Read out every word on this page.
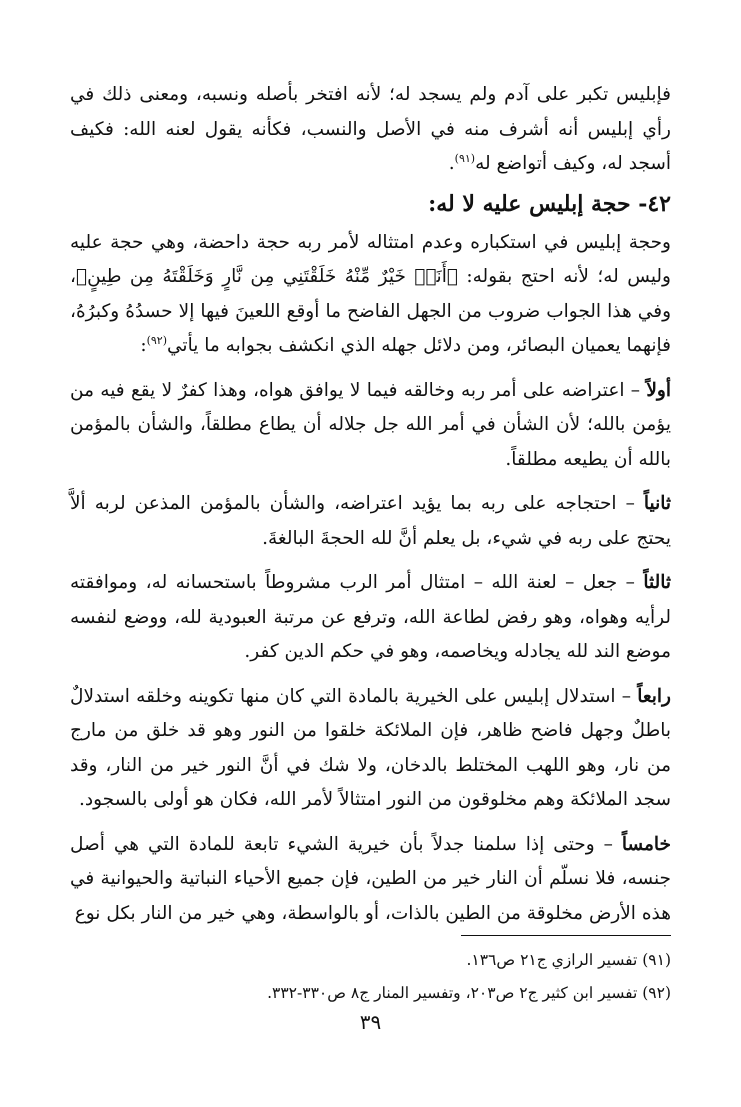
فإبليس تكبر على آدم ولم يسجد له؛ لأنه افتخر بأصله ونسبه، ومعنى ذلك في رأي إبليس أنه أشرف منه في الأصل والنسب، فكأنه يقول لعنه الله: فكيف أسجد له، وكيف أتواضع له$^{(٩١)}$.

٤٢- حجة إبليس عليه لا له:

وحجة إبليس في استكباره وعدم امتثاله لأمر ربه حجة داحضة، وهي حجة عليه وليس له؛ لأنه احتج بقوله: ﴿أَنَا۠ خَيْرٌ مِّنْهُ خَلَقْتَنِي مِن نَّارٍ وَخَلَقْتَهُ مِن طِينٍ﴾، وفي هذا الجواب ضروب من الجهل الفاضح ما أوقع اللعينَ فيها إلا حسدُهُ وكبرُهُ، فإنهما يعميان البصائر، ومن دلائل جهله الذي انكشف بجوابه ما يأتي$^{(٩٢)}$:

أولاً – اعتراضه على أمر ربه وخالقه فيما لا يوافق هواه، وهذا كفرٌ لا يقع فيه من يؤمن بالله؛ لأن الشأن في أمر الله جل جلاله أن يطاع مطلقاً، والشأن بالمؤمن بالله أن يطيعه مطلقاً.

ثانياً – احتجاجه على ربه بما يؤيد اعتراضه، والشأن بالمؤمن المذعن لربه ألاَّ يحتج على ربه في شيء، بل يعلم أنَّ لله الحجةَ البالغةَ.

ثالثاً – جعل – لعنة الله – امتثال أمر الرب مشروطاً باستحسانه له، وموافقته لرأيه وهواه، وهو رفض لطاعة الله، وترفع عن مرتبة العبودية لله، ووضع لنفسه موضع الند لله يجادله ويخاصمه، وهو في حكم الدين كفر.

رابعاً – استدلال إبليس على الخيرية بالمادة التي كان منها تكوينه وخلقه استدلالٌ باطلٌ وجهل فاضح ظاهر، فإن الملائكة خلقوا من النور وهو قد خلق من مارج من نار، وهو اللهب المختلط بالدخان، ولا شك في أنَّ النور خير من النار، وقد سجد الملائكة وهم مخلوقون من النور امتثالاً لأمر الله، فكان هو أولى بالسجود.

خامساً – وحتى إذا سلمنا جدلاً بأن خيرية الشيء تابعة للمادة التي هي أصل جنسه، فلا نسلّم أن النار خير من الطين، فإن جميع الأحياء النباتية والحيوانية في هذه الأرض مخلوقة من الطين بالذات، أو بالواسطة، وهي خير من النار بكل نوع

(٩١) تفسير الرازي ج٢١ ص١٣٦.

(٩٢) تفسير ابن كثير ج٢ ص٢٠٣، وتفسير المنار ج٨ ص٣٣٠-٣٣٢.

٣٩
